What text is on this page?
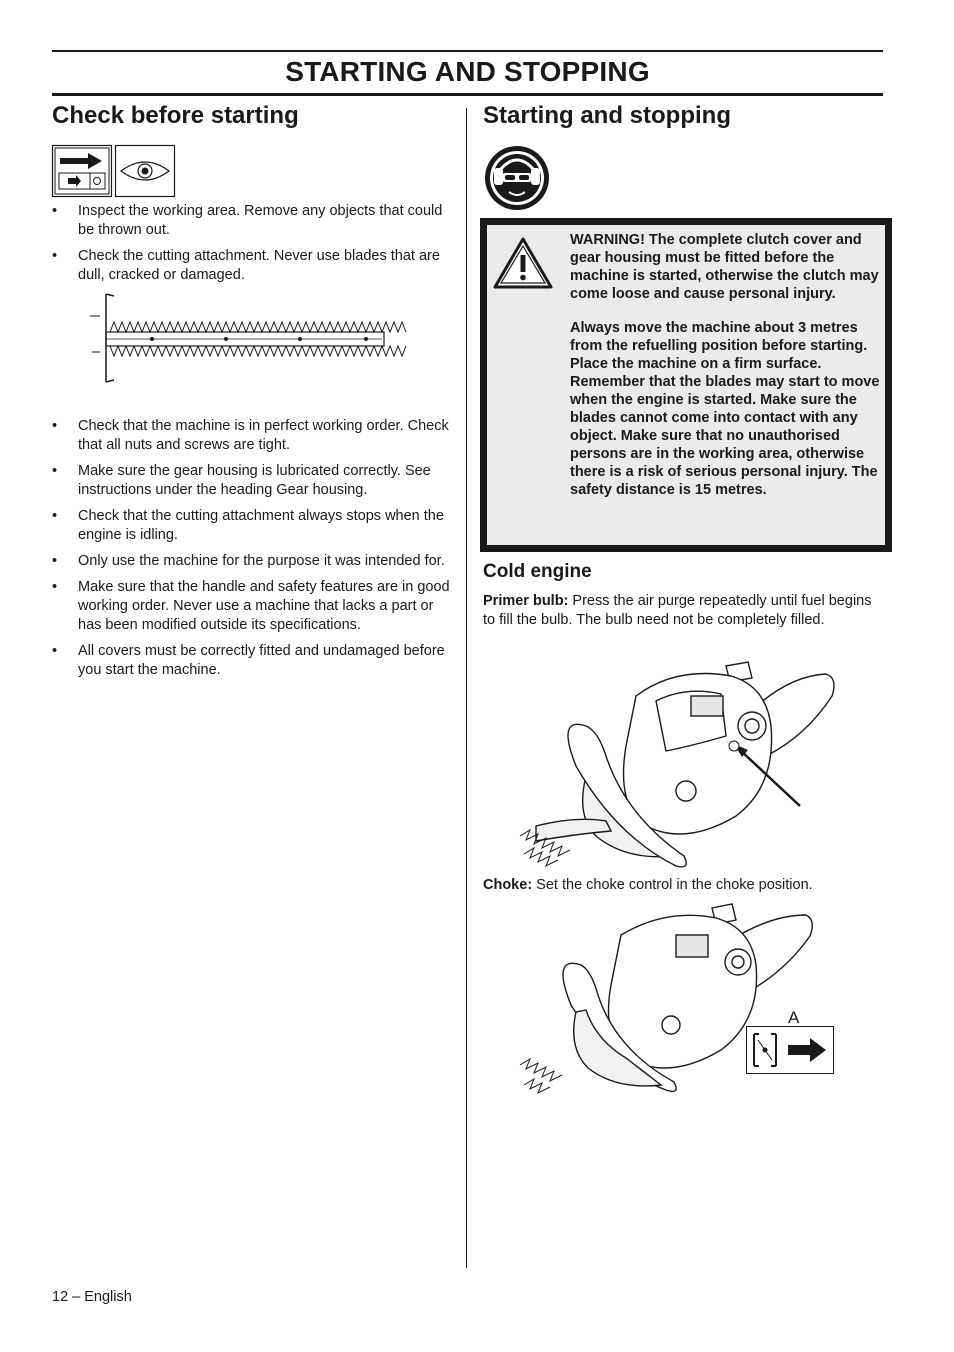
STARTING AND STOPPING
Check before starting
• Inspect the working area. Remove any objects that could be thrown out.
• Check the cutting attachment. Never use blades that are dull, cracked or damaged.
• Check that the machine is in perfect working order. Check that all nuts and screws are tight.
• Make sure the gear housing is lubricated correctly. See instructions under the heading Gear housing.
• Check that the cutting attachment always stops when the engine is idling.
• Only use the machine for the purpose it was intended for.
• Make sure that the handle and safety features are in good working order. Never use a machine that lacks a part or has been modified outside its specifications.
• All covers must be correctly fitted and undamaged before you start the machine.
Starting and stopping

WARNING! The complete clutch cover and gear housing must be fitted before the machine is started, otherwise the clutch may come loose and cause personal injury.

Always move the machine about 3 metres from the refuelling position before starting. Place the machine on a firm surface. Remember that the blades may start to move when the engine is started. Make sure the blades cannot come into contact with any object. Make sure that no unauthorised persons are in the working area, otherwise there is a risk of serious personal injury. The safety distance is 15 metres.

Cold engine

Primer bulb: Press the air purge repeatedly until fuel begins to fill the bulb. The bulb need not be completely filled.

Choke: Set the choke control in the choke position.

A
12 – English
